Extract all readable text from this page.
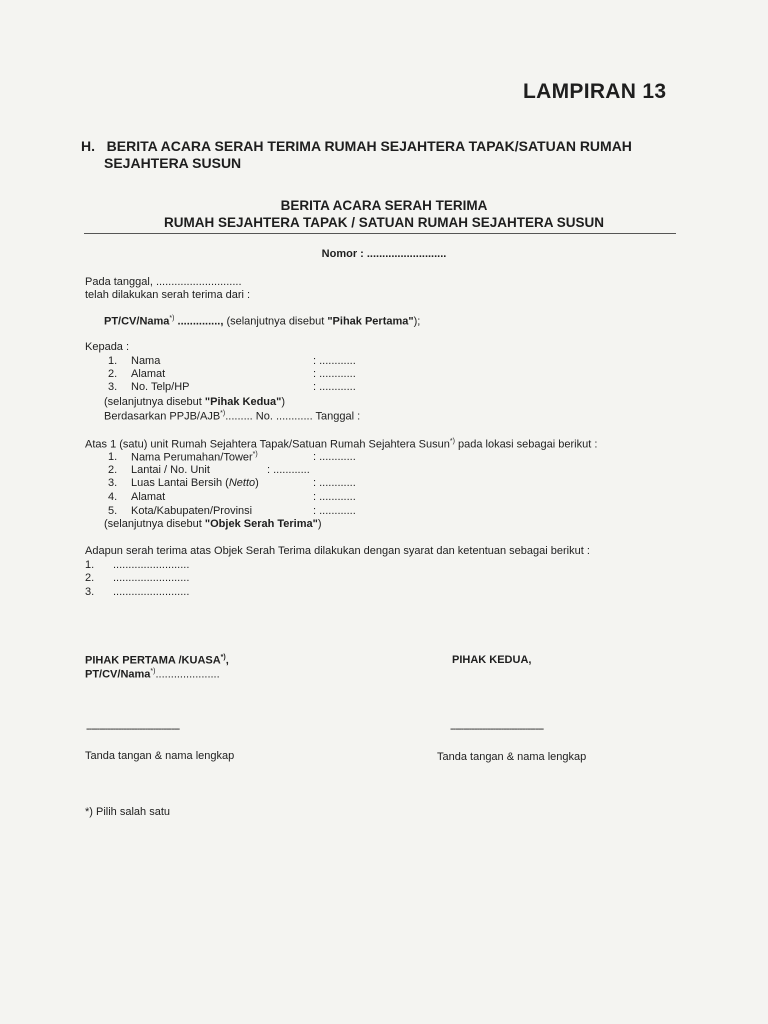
LAMPIRAN 13
H. BERITA ACARA SERAH TERIMA RUMAH SEJAHTERA TAPAK/SATUAN RUMAH
SEJAHTERA SUSUN
BERITA ACARA SERAH TERIMA
RUMAH SEJAHTERA TAPAK / SATUAN RUMAH SEJAHTERA SUSUN
Nomor : ..........................
Pada tanggal, ............................
telah dilakukan serah terima dari :
PT/CV/Nama*) .............., (selanjutnya disebut "Pihak Pertama");
Kepada :
1. Nama	: ............
2. Alamat	: ............
3. No. Telp/HP	: ............
(selanjutnya disebut "Pihak Kedua")
Berdasarkan PPJB/AJB*)......... No. ............ Tanggal :
Atas 1 (satu) unit Rumah Sejahtera Tapak/Satuan Rumah Sejahtera Susun*) pada lokasi sebagai berikut :
1. Nama Perumahan/Tower*)	: ............
2. Lantai / No. Unit	: ............
3. Luas Lantai Bersih (Netto)	: ............
4. Alamat	: ............
5. Kota/Kabupaten/Provinsi	: ............
(selanjutnya disebut "Objek Serah Terima")
Adapun serah terima atas Objek Serah Terima dilakukan dengan syarat dan ketentuan sebagai berikut :
1. .........................
2. .........................
3. .........................
PIHAK PERTAMA /KUASA*),
PT/CV/Nama*).....................
PIHAK KEDUA,
-----------------------------------	-----------------------------------
Tanda tangan & nama lengkap	Tanda tangan & nama lengkap
*) Pilih salah satu
